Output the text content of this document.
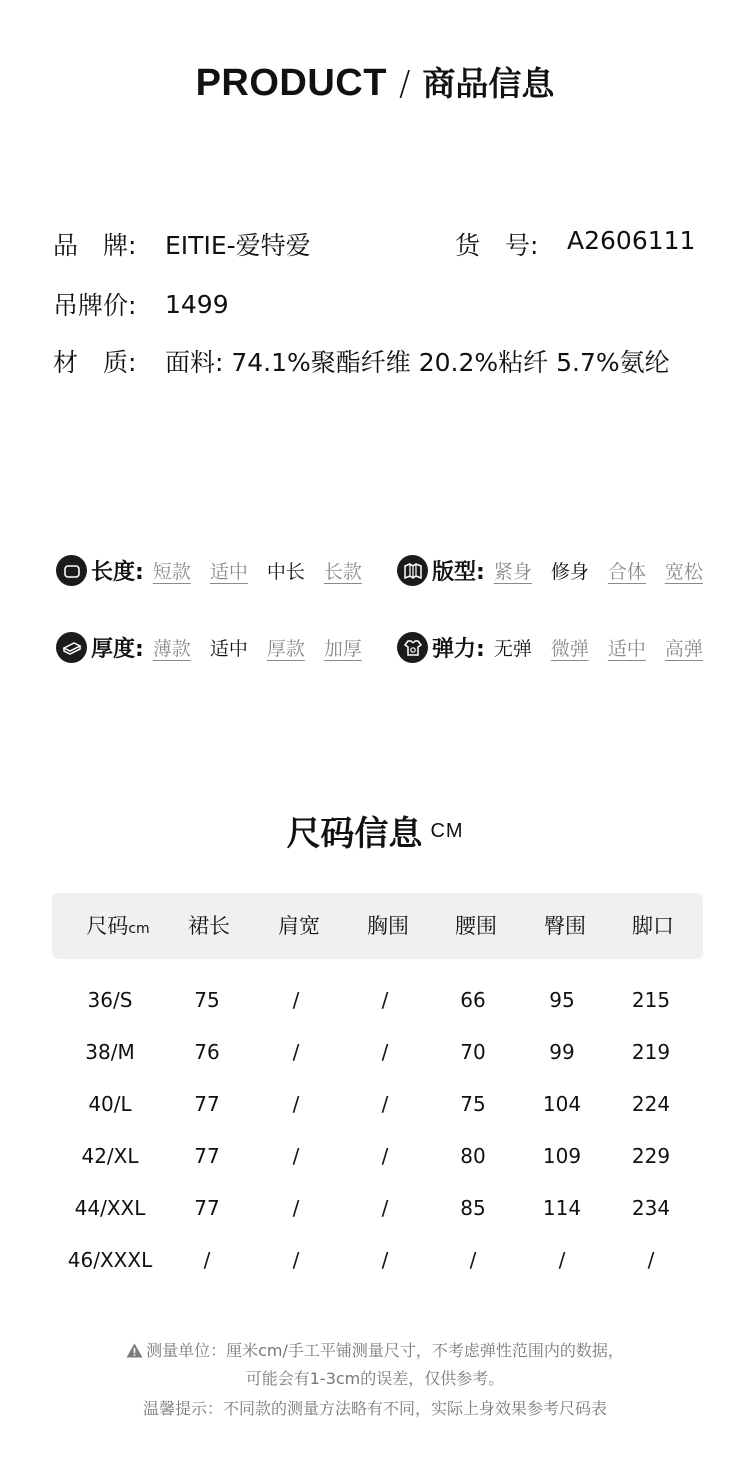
PRODUCT / 商品信息
品　牌:	EITIE-爱特爱	货　号:	A2606111
吊牌价:	1499
材　质:	面料: 74.1%聚酯纤维 20.2%粘纤 5.7%氨纶
长度: 短款 适中 中长 长款	版型: 紧身 修身 合体 宽松
厚度: 薄款 适中 厚款 加厚	弹力: 无弹 微弹 适中 高弹
尺码信息 CM
尺码cm 裙长 肩宽 胸围 腰围 臀围 脚口
36/S	75	/	/	66	95	215
38/M	76	/	/	70	99	219
40/L	77	/	/	75	104	224
42/XL	77	/	/	80	109	229
44/XXL 77	/	/	85	114	234
46/XXXL	/	/	/	/	/	/
测量单位：厘米cm/手工平铺测量尺寸，不考虑弹性范围内的数据，
可能会有1-3cm的误差，仅供参考。
温馨提示：不同款的测量方法略有不同，实际上身效果参考尺码表
